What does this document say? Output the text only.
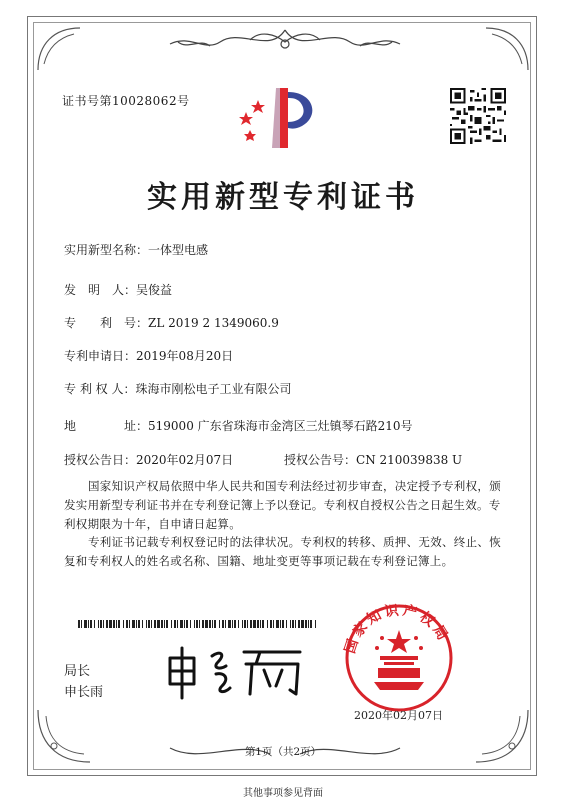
证书号第10028062号
实用新型专利证书
实用新型名称：一体型电感
发　明　人：吴俊益
专　　利　号：ZL 2019 2 1349060.9
专利申请日：2019年08月20日
专 利 权 人：珠海市刚松电子工业有限公司
地　　　　址：519000 广东省珠海市金湾区三灶镇琴石路210号
授权公告日：2020年02月07日	授权公告号：CN 210039838 U
国家知识产权局依照中华人民共和国专利法经过初步审查，决定授予专利权，颁发实用新型专利证书并在专利登记簿上予以登记。专利权自授权公告之日起生效。专利权期限为十年，自申请日起算。
专利证书记载专利权登记时的法律状况。专利权的转移、质押、无效、终止、恢复和专利权人的姓名或名称、国籍、地址变更等事项记载在专利登记簿上。
局长
申长雨
国家知识产权局
2020年02月07日
第1页（共2页）
其他事项参见背面
